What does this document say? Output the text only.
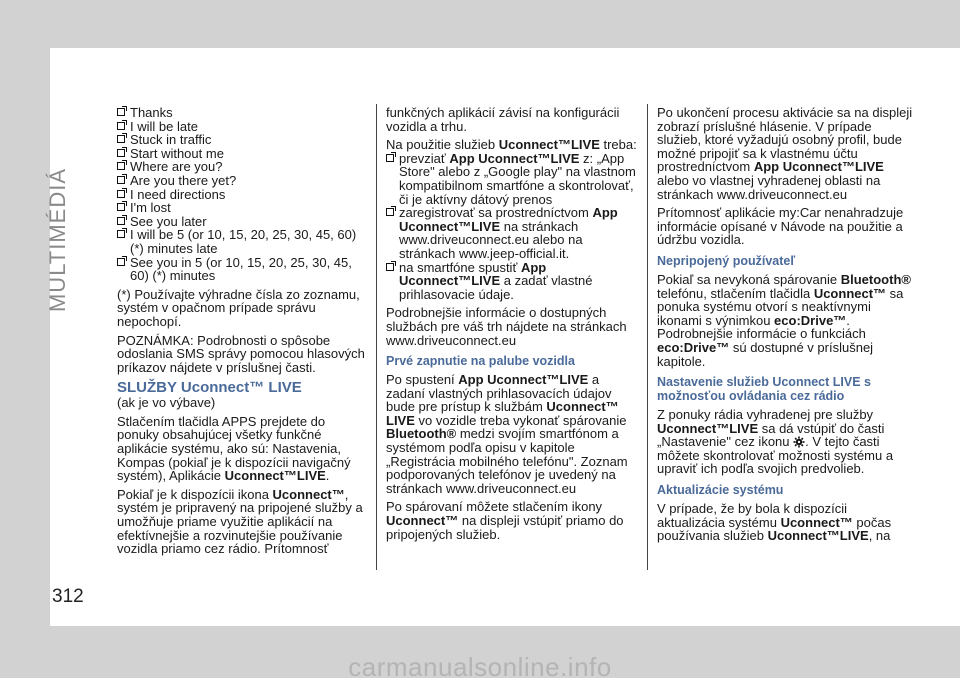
MULTIMÉDIÁ
312
carmanualsonline.info
Thanks
I will be late
Stuck in traffic
Start without me
Where are you?
Are you there yet?
I need directions
I'm lost
See you later
I will be 5 (or 10, 15, 20, 25, 30, 45, 60) (*) minutes late
See you in 5 (or 10, 15, 20, 25, 30, 45, 60) (*) minutes

(*) Používajte výhradne čísla zo zoznamu, systém v opačnom prípade správu nepochopí.

POZNÁMKA: Podrobnosti o spôsobe odoslania SMS správy pomocou hlasových príkazov nájdete v príslušnej časti.

SLUŽBY Uconnect™ LIVE

(ak je vo výbave)

Stlačením tlačidla APPS prejdete do ponuky obsahujúcej všetky funkčné aplikácie systému, ako sú: Nastavenia, Kompas (pokiaľ je k dispozícii navigačný systém), Aplikácie Uconnect™LIVE.

Pokiaľ je k dispozícii ikona Uconnect™, systém je pripravený na pripojené služby a umožňuje priame využitie aplikácií na efektívnejšie a rozvinutejšie používanie vozidla priamo cez rádio. Prítomnosť

funkčných aplikácií závisí na konfigurácii vozidla a trhu.

Na použitie služieb Uconnect™LIVE treba:

prevziať App Uconnect™LIVE z: „App Store" alebo z „Google play" na vlastnom kompatibilnom smartfóne a skontrolovať, či je aktívny dátový prenos
zaregistrovať sa prostredníctvom App Uconnect™LIVE na stránkach www.driveuconnect.eu alebo na stránkach www.jeep-official.it.
na smartfóne spustiť App Uconnect™LIVE a zadať vlastné prihlasovacie údaje.

Podrobnejšie informácie o dostupných službách pre váš trh nájdete na stránkach www.driveuconnect.eu

Prvé zapnutie na palube vozidla

Po spustení App Uconnect™LIVE a zadaní vlastných prihlasovacích údajov bude pre prístup k službám Uconnect™ LIVE vo vozidle treba vykonať spárovanie Bluetooth® medzi svojím smartfónom a systémom podľa opisu v kapitole „Registrácia mobilného telefónu". Zoznam podporovaných telefónov je uvedený na stránkach www.driveuconnect.eu

Po spárovaní môžete stlačením ikony Uconnect™ na displeji vstúpiť priamo do pripojených služieb.

Po ukončení procesu aktivácie sa na displeji zobrazí príslušné hlásenie. V prípade služieb, ktoré vyžadujú osobný profil, bude možné pripojiť sa k vlastnému účtu prostredníctvom App Uconnect™LIVE alebo vo vlastnej vyhradenej oblasti na stránkach www.driveuconnect.eu

Prítomnosť aplikácie my:Car nenahradzuje informácie opísané v Návode na použitie a údržbu vozidla.

Nepripojený používateľ

Pokiaľ sa nevykoná spárovanie Bluetooth® telefónu, stlačením tlačidla Uconnect™ sa ponuka systému otvorí s neaktívnymi ikonami s výnimkou eco:Drive™. Podrobnejšie informácie o funkciách eco:Drive™ sú dostupné v príslušnej kapitole.

Nastavenie služieb Uconnect LIVE s možnosťou ovládania cez rádio

Z ponuky rádia vyhradenej pre služby Uconnect™LIVE sa dá vstúpiť do časti „Nastavenie" cez ikonu . V tejto časti môžete skontrolovať možnosti systému a upraviť ich podľa svojich predvolieb.

Aktualizácie systému

V prípade, že by bola k dispozícii aktualizácia systému Uconnect™ počas používania služieb Uconnect™LIVE, na
